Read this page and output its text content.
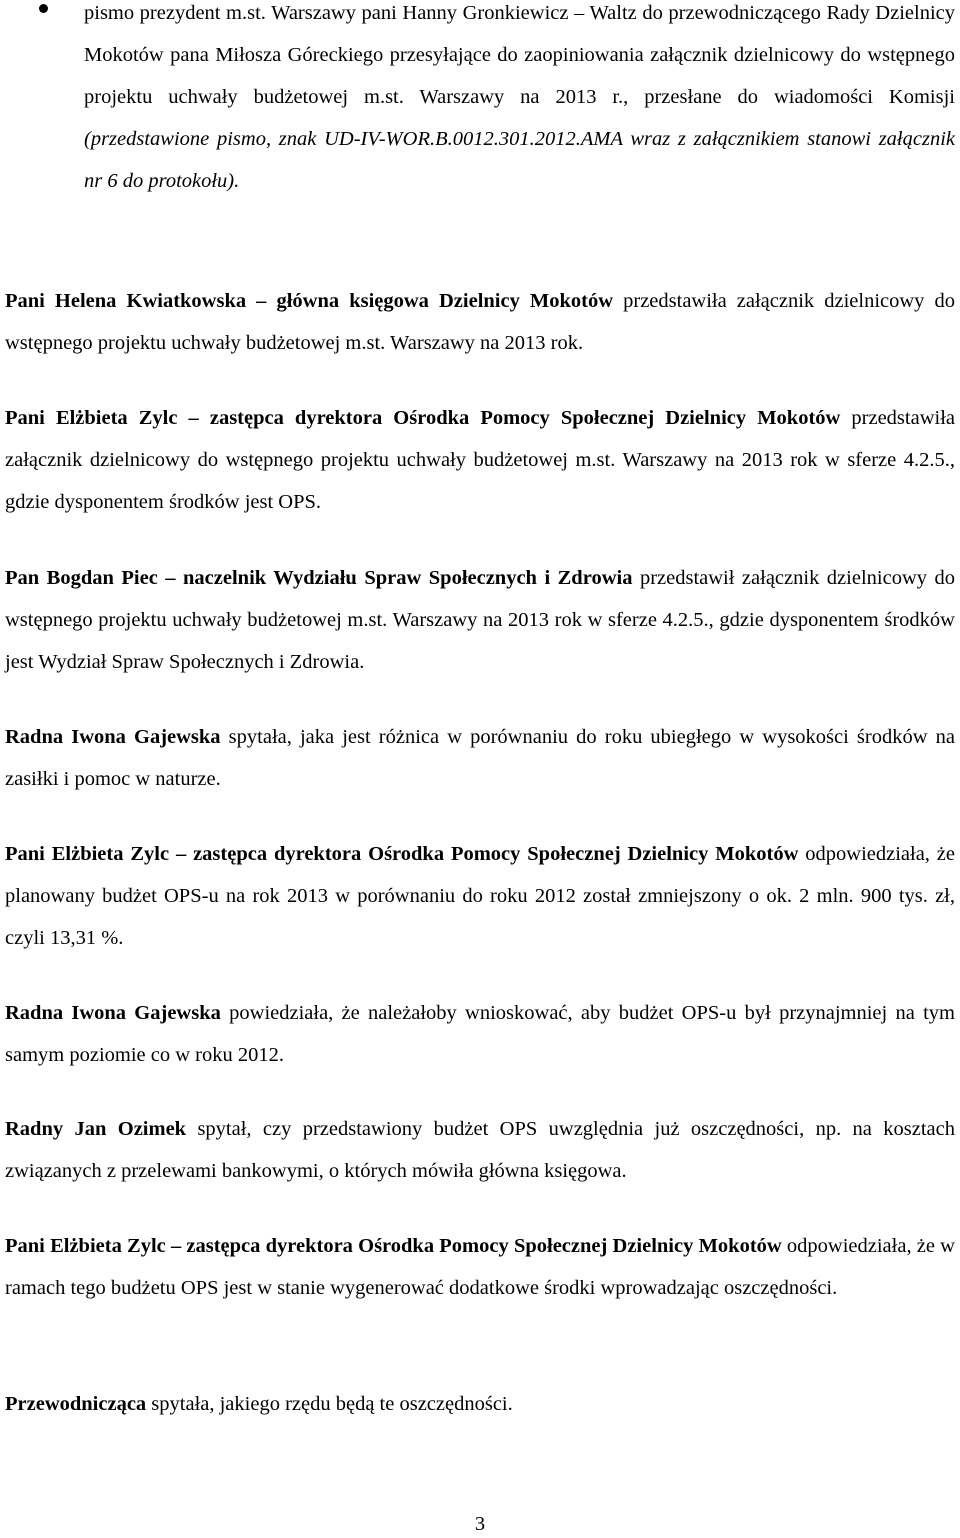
pismo prezydent m.st. Warszawy pani Hanny Gronkiewicz – Waltz do przewodniczącego Rady Dzielnicy Mokotów pana Miłosza Góreckiego przesyłające do zaopiniowania załącznik dzielnicowy do wstępnego projektu uchwały budżetowej m.st. Warszawy na 2013 r., przesłane do wiadomości Komisji (przedstawione pismo, znak UD-IV-WOR.B.0012.301.2012.AMA wraz z załącznikiem stanowi załącznik nr 6 do protokołu).

Pani Helena Kwiatkowska – główna księgowa Dzielnicy Mokotów przedstawiła załącznik dzielnicowy do wstępnego projektu uchwały budżetowej m.st. Warszawy na 2013 rok.

Pani Elżbieta Zylc – zastępca dyrektora Ośrodka Pomocy Społecznej Dzielnicy Mokotów przedstawiła załącznik dzielnicowy do wstępnego projektu uchwały budżetowej m.st. Warszawy na 2013 rok w sferze 4.2.5., gdzie dysponentem środków jest OPS.

Pan Bogdan Piec – naczelnik Wydziału Spraw Społecznych i Zdrowia przedstawił załącznik dzielnicowy do wstępnego projektu uchwały budżetowej m.st. Warszawy na 2013 rok w sferze 4.2.5., gdzie dysponentem środków jest Wydział Spraw Społecznych i Zdrowia.

Radna Iwona Gajewska spytała, jaka jest różnica w porównaniu do roku ubiegłego w wysokości środków na zasiłki i pomoc w naturze.

Pani Elżbieta Zylc – zastępca dyrektora Ośrodka Pomocy Społecznej Dzielnicy Mokotów odpowiedziała, że planowany budżet OPS-u na rok 2013 w porównaniu do roku 2012 został zmniejszony o ok. 2 mln. 900 tys. zł, czyli 13,31 %.

Radna Iwona Gajewska powiedziała, że należałoby wnioskować, aby budżet OPS-u był przynajmniej na tym samym poziomie co w roku 2012.

Radny Jan Ozimek spytał, czy przedstawiony budżet OPS uwzględnia już oszczędności, np. na kosztach związanych z przelewami bankowymi, o których mówiła główna księgowa.

Pani Elżbieta Zylc – zastępca dyrektora Ośrodka Pomocy Społecznej Dzielnicy Mokotów odpowiedziała, że w ramach tego budżetu OPS jest w stanie wygenerować dodatkowe środki wprowadzając oszczędności.

Przewodnicząca spytała, jakiego rzędu będą te oszczędności.

3
